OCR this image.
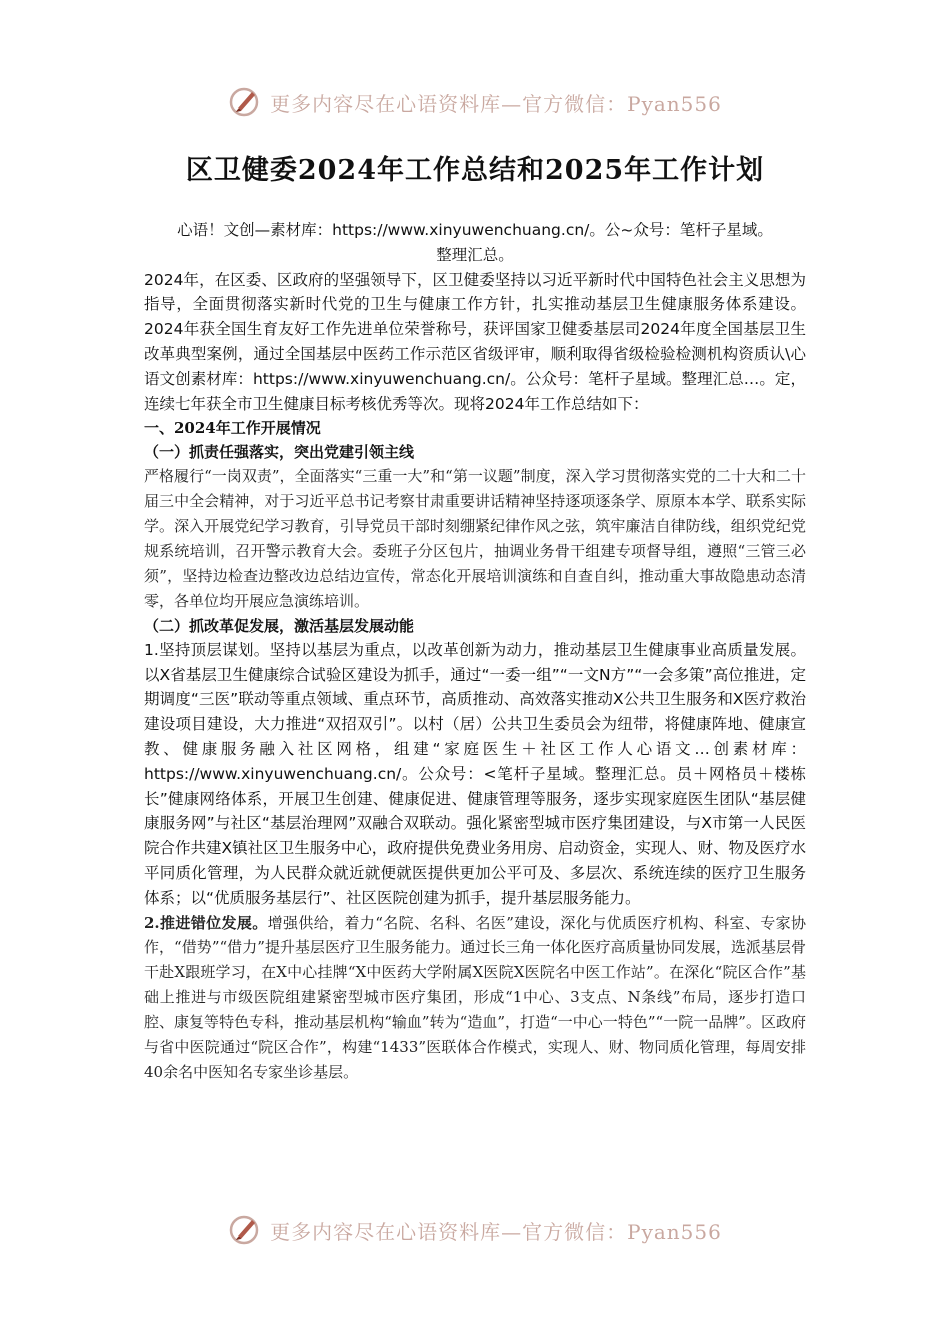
更多内容尽在心语资料库—官方微信：Pyan556
区卫健委2024年工作总结和2025年工作计划

心语！文创—素材库：https://www.xinyuwenchuang.cn/。公~众号：笔杆子星域。

整理汇总。

2024年，在区委、区政府的坚强领导下，区卫健委坚持以习近平新时代中国特色社会主义思想为指导，全面贯彻落实新时代党的卫生与健康工作方针，扎实推动基层卫生健康服务体系建设。2024年获全国生育友好工作先进单位荣誉称号，获评国家卫健委基层司2024年度全国基层卫生改革典型案例，通过全国基层中医药工作示范区省级评审，顺利取得省级检验检测机构资质认\心语文创素材库：https://www.xinyuwenchuang.cn/。公众号：笔杆子星域。整理汇总…。定，连续七年获全市卫生健康目标考核优秀等次。现将2024年工作总结如下：

一、2024年工作开展情况

（一）抓责任强落实，突出党建引领主线

严格履行“一岗双责”，全面落实“三重一大”和“第一议题”制度，深入学习贯彻落实党的二十大和二十届三中全会精神，对于习近平总书记考察甘肃重要讲话精神坚持逐项逐条学、原原本本学、联系实际学。深入开展党纪学习教育，引导党员干部时刻绷紧纪律作风之弦，筑牢廉洁自律防线，组织党纪党规系统培训，召开警示教育大会。委班子分区包片，抽调业务骨干组建专项督导组，遵照“三管三必须”，坚持边检查边整改边总结边宣传，常态化开展培训演练和自查自纠，推动重大事故隐患动态清零，各单位均开展应急演练培训。

（二）抓改革促发展，激活基层发展动能

1.坚持顶层谋划。坚持以基层为重点，以改革创新为动力，推动基层卫生健康事业高质量发展。以X省基层卫生健康综合试验区建设为抓手，通过“一委一组”“一文N方”“一会多策”高位推进，定期调度“三医”联动等重点领域、重点环节，高质推动、高效落实推动X公共卫生服务和X医疗救治建设项目建设，大力推进“双招双引”。以村（居）公共卫生委员会为纽带，将健康阵地、健康宣教、健康服务融入社区网格，组建“家庭医生＋社区工作人心语文…创素材库：https://www.xinyuwenchuang.cn/。公众号：<笔杆子星域。整理汇总。员＋网格员＋楼栋长”健康网络体系，开展卫生创建、健康促进、健康管理等服务，逐步实现家庭医生团队“基层健康服务网”与社区“基层治理网”双融合双联动。强化紧密型城市医疗集团建设，与X市第一人民医院合作共建X镇社区卫生服务中心，政府提供免费业务用房、启动资金，实现人、财、物及医疗水平同质化管理，为人民群众就近就便就医提供更加公平可及、多层次、系统连续的医疗卫生服务体系；以“优质服务基层行”、社区医院创建为抓手，提升基层服务能力。

2.推进错位发展。增强供给，着力“名院、名科、名医”建设，深化与优质医疗机构、科室、专家协作，“借势”“借力”提升基层医疗卫生服务能力。通过长三角一体化医疗高质量协同发展，选派基层骨干赴X跟班学习，在X中心挂牌“X中医药大学附属X医院X医院名中医工作站”。在深化“院区合作”基础上推进与市级医院组建紧密型城市医疗集团，形成“1中心、3支点、N条线”布局，逐步打造口腔、康复等特色专科，推动基层机构“输血”转为“造血”，打造“一中心一特色”“一院一品牌”。区政府与省中医院通过“院区合作”，构建“1433”医联体合作模式，实现人、财、物同质化管理，每周安排40余名中医知名专家坐诊基层。

更多内容尽在心语资料库—官方微信：Pyan556
